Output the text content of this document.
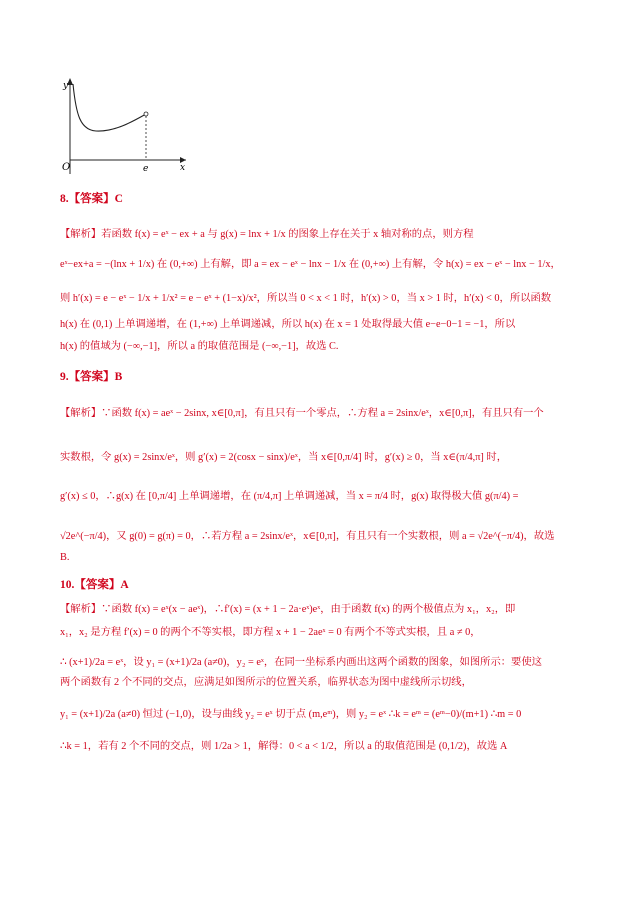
y
x
O	e
8.【答案】C
【解析】若函数 f(x) = eˣ − ex + a 与 g(x) = lnx + 1/x 的图象上存在关于 x 轴对称的点，则方程
eˣ−ex+a = −(lnx + 1/x) 在 (0,+∞) 上有解，即 a = ex − eˣ − lnx − 1/x 在 (0,+∞) 上有解，令 h(x) = ex − eˣ − lnx − 1/x，
则 h′(x) = e − eˣ − 1/x + 1/x² = e − eˣ + (1−x)/x²，所以当 0 < x < 1 时，h′(x) > 0，当 x > 1 时，h′(x) < 0，所以函数
h(x) 在 (0,1) 上单调递增，在 (1,+∞) 上单调递减，所以 h(x) 在 x = 1 处取得最大值 e−e−0−1 = −1，所以
h(x) 的值域为 (−∞,−1]，所以 a 的取值范围是 (−∞,−1]，故选 C.
9.【答案】B
【解析】∵函数 f(x) = aeˣ − 2sinx, x∈[0,π]，有且只有一个零点，∴方程 a = 2sinx/eˣ，x∈[0,π]，有且只有一个
实数根，令 g(x) = 2sinx/eˣ，则 g′(x) = 2(cosx − sinx)/eˣ，当 x∈[0,π/4] 时，g′(x) ≥ 0，当 x∈(π/4,π] 时，
g′(x) ≤ 0，∴g(x) 在 [0,π/4] 上单调递增，在 (π/4,π] 上单调递减，当 x = π/4 时，g(x) 取得极大值 g(π/4) =
√2e^(−π/4)，又 g(0) = g(π) = 0，∴若方程 a = 2sinx/eˣ，x∈[0,π]，有且只有一个实数根，则 a = √2e^(−π/4)，故选
B.
10.【答案】A
【解析】∵函数 f(x) = eˣ(x − aeˣ)，∴f′(x) = (x + 1 − 2a·eˣ)eˣ，由于函数 f(x) 的两个极值点为 x₁，x₂，即
x₁，x₂ 是方程 f′(x) = 0 的两个不等实根，即方程 x + 1 − 2aeˣ = 0 有两个不等式实根，且 a ≠ 0，
∴ (x+1)/2a = eˣ，设 y₁ = (x+1)/2a (a≠0)，y₂ = eˣ，在同一坐标系内画出这两个函数的图象，如图所示：要使这
两个函数有 2 个不同的交点，应满足如图所示的位置关系，临界状态为图中虚线所示切线，
y₁ = (x+1)/2a (a≠0) 恒过 (−1,0)，设与曲线 y₂ = eˣ 切于点 (m,eᵐ)，则 y₂ = eˣ ∴k = eᵐ = (eᵐ−0)/(m+1) ∴m = 0
∴k = 1，若有 2 个不同的交点，则 1/2a > 1，解得：0 < a < 1/2，所以 a 的取值范围是 (0,1/2)，故选 A
